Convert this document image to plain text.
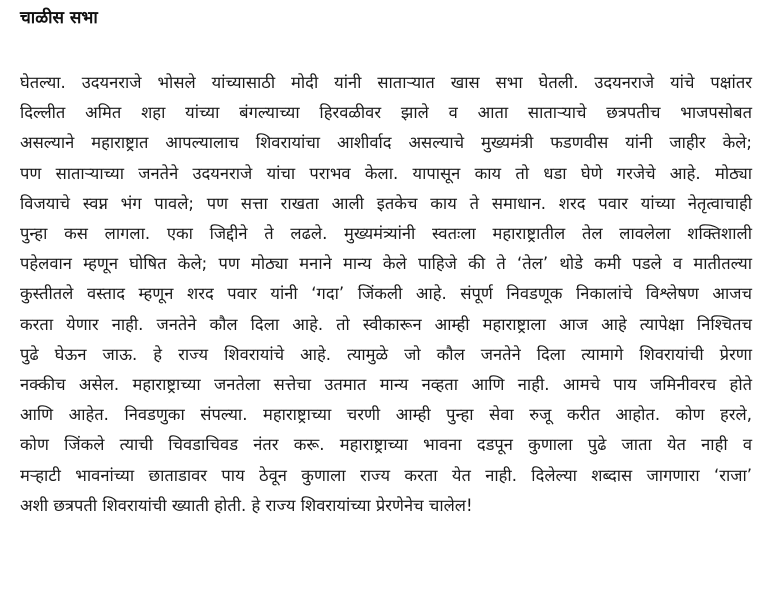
चाळीस सभा
घेतल्या. उदयनराजे भोसले यांच्यासाठी मोदी यांनी साताऱ्यात खास सभा घेतली. उदयनराजे यांचे पक्षांतर
दिल्लीत अमित शहा यांच्या बंगल्याच्या हिरवळीवर झाले व आता साताऱ्याचे छत्रपतीच भाजपसोबत
असल्याने महाराष्ट्रात आपल्यालाच शिवरायांचा आशीर्वाद असल्याचे मुख्यमंत्री फडणवीस यांनी जाहीर केले;
पण साताऱ्याच्या जनतेने उदयनराजे यांचा पराभव केला. यापासून काय तो धडा घेणे गरजेचे आहे. मोठ्या
विजयाचे स्वप्न भंग पावले; पण सत्ता राखता आली इतकेच काय ते समाधान. शरद पवार यांच्या नेतृत्वाचाही
पुन्हा कस लागला. एका जिद्दीने ते लढले. मुख्यमंत्र्यांनी स्वतःला महाराष्ट्रातील तेल लावलेला शक्तिशाली
पहेलवान म्हणून घोषित केले; पण मोठ्या मनाने मान्य केले पाहिजे की ते ‘तेल’ थोडे कमी पडले व मातीतल्या
कुस्तीतले वस्ताद म्हणून शरद पवार यांनी ‘गदा’ जिंकली आहे. संपूर्ण निवडणूक निकालांचे विश्लेषण आजच
करता येणार नाही. जनतेने कौल दिला आहे. तो स्वीकारून आम्ही महाराष्ट्राला आज आहे त्यापेक्षा निश्चितच
पुढे घेऊन जाऊ. हे राज्य शिवरायांचे आहे. त्यामुळे जो कौल जनतेने दिला त्यामागे शिवरायांची प्रेरणा
नक्कीच असेल. महाराष्ट्राच्या जनतेला सत्तेचा उतमात मान्य नव्हता आणि नाही. आमचे पाय जमिनीवरच होते
आणि आहेत. निवडणुका संपल्या. महाराष्ट्राच्या चरणी आम्ही पुन्हा सेवा रुजू करीत आहोत. कोण हरले,
कोण जिंकले त्याची चिवडाचिवड नंतर करू. महाराष्ट्राच्या भावना दडपून कुणाला पुढे जाता येत नाही व
मऱ्हाटी भावनांच्या छाताडावर पाय ठेवून कुणाला राज्य करता येत नाही. दिलेल्या शब्दास जागणारा ‘राजा’
अशी छत्रपती शिवरायांची ख्याती होती. हे राज्य शिवरायांच्या प्रेरणेनेच चालेल!
